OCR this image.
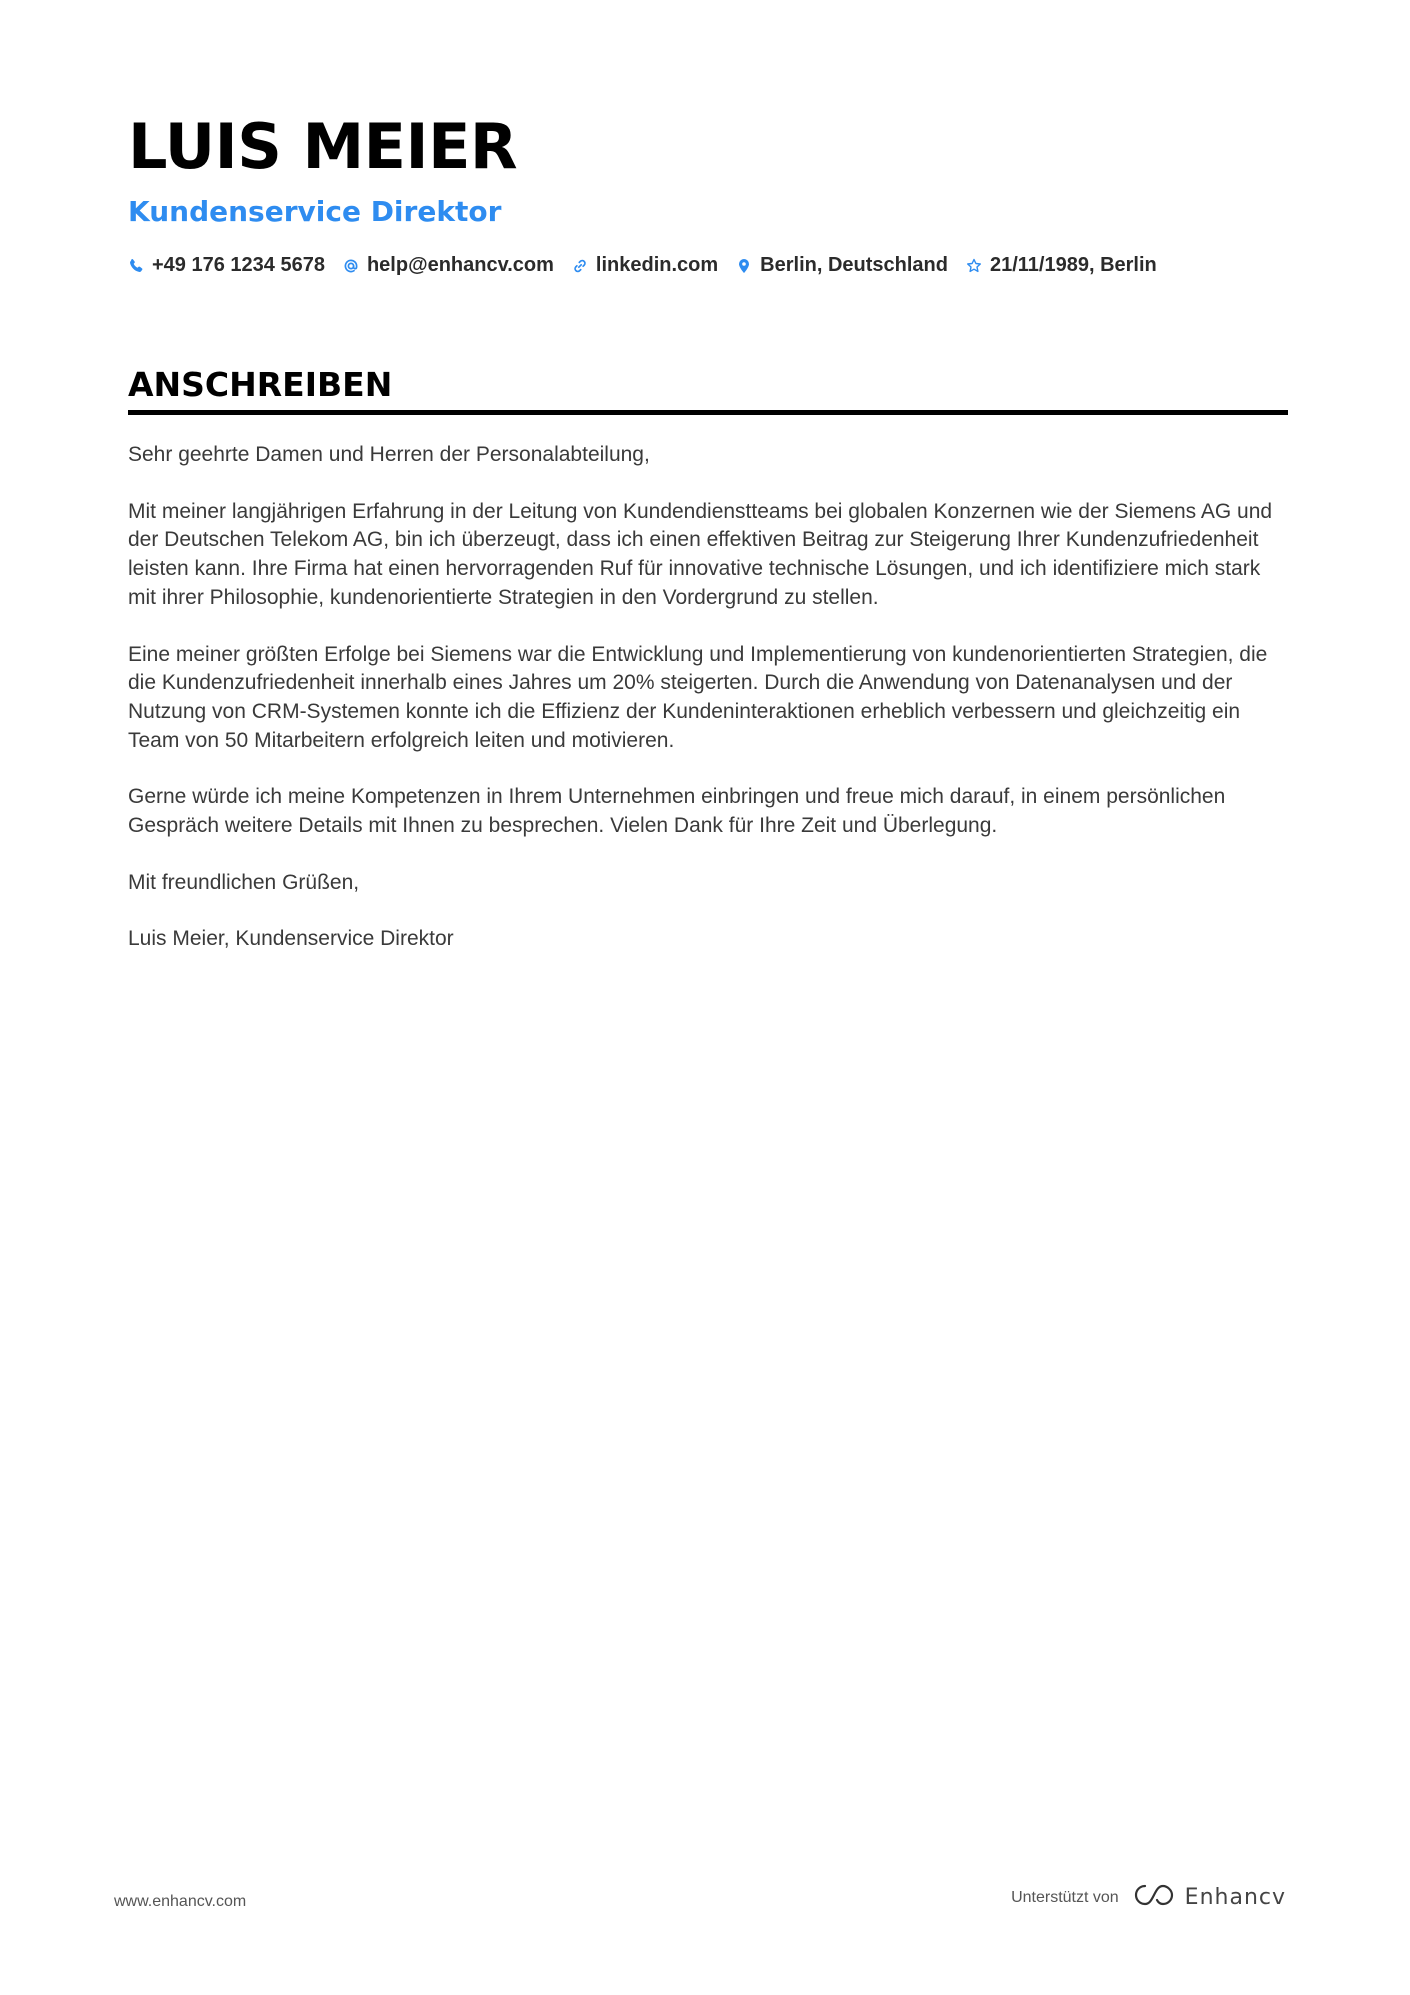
LUIS MEIER
Kundenservice Direktor
+49 176 1234 5678 help@enhancv.com linkedin.com Berlin, Deutschland 21/11/1989, Berlin
ANSCHREIBEN

Sehr geehrte Damen und Herren der Personalabteilung,

Mit meiner langjährigen Erfahrung in der Leitung von Kundendienstteams bei globalen Konzernen wie der Siemens AG und der Deutschen Telekom AG, bin ich überzeugt, dass ich einen effektiven Beitrag zur Steigerung Ihrer Kundenzufriedenheit leisten kann. Ihre Firma hat einen hervorragenden Ruf für innovative technische Lösungen, und ich identifiziere mich stark mit ihrer Philosophie, kundenorientierte Strategien in den Vordergrund zu stellen.

Eine meiner größten Erfolge bei Siemens war die Entwicklung und Implementierung von kundenorientierten Strategien, die die Kundenzufriedenheit innerhalb eines Jahres um 20% steigerten. Durch die Anwendung von Datenanalysen und der Nutzung von CRM-Systemen konnte ich die Effizienz der Kundeninteraktionen erheblich verbessern und gleichzeitig ein Team von 50 Mitarbeitern erfolgreich leiten und motivieren.

Gerne würde ich meine Kompetenzen in Ihrem Unternehmen einbringen und freue mich darauf, in einem persönlichen Gespräch weitere Details mit Ihnen zu besprechen. Vielen Dank für Ihre Zeit und Überlegung.

Mit freundlichen Grüßen,

Luis Meier, Kundenservice Direktor

www.enhancv.com	Unterstützt von	Enhancv
